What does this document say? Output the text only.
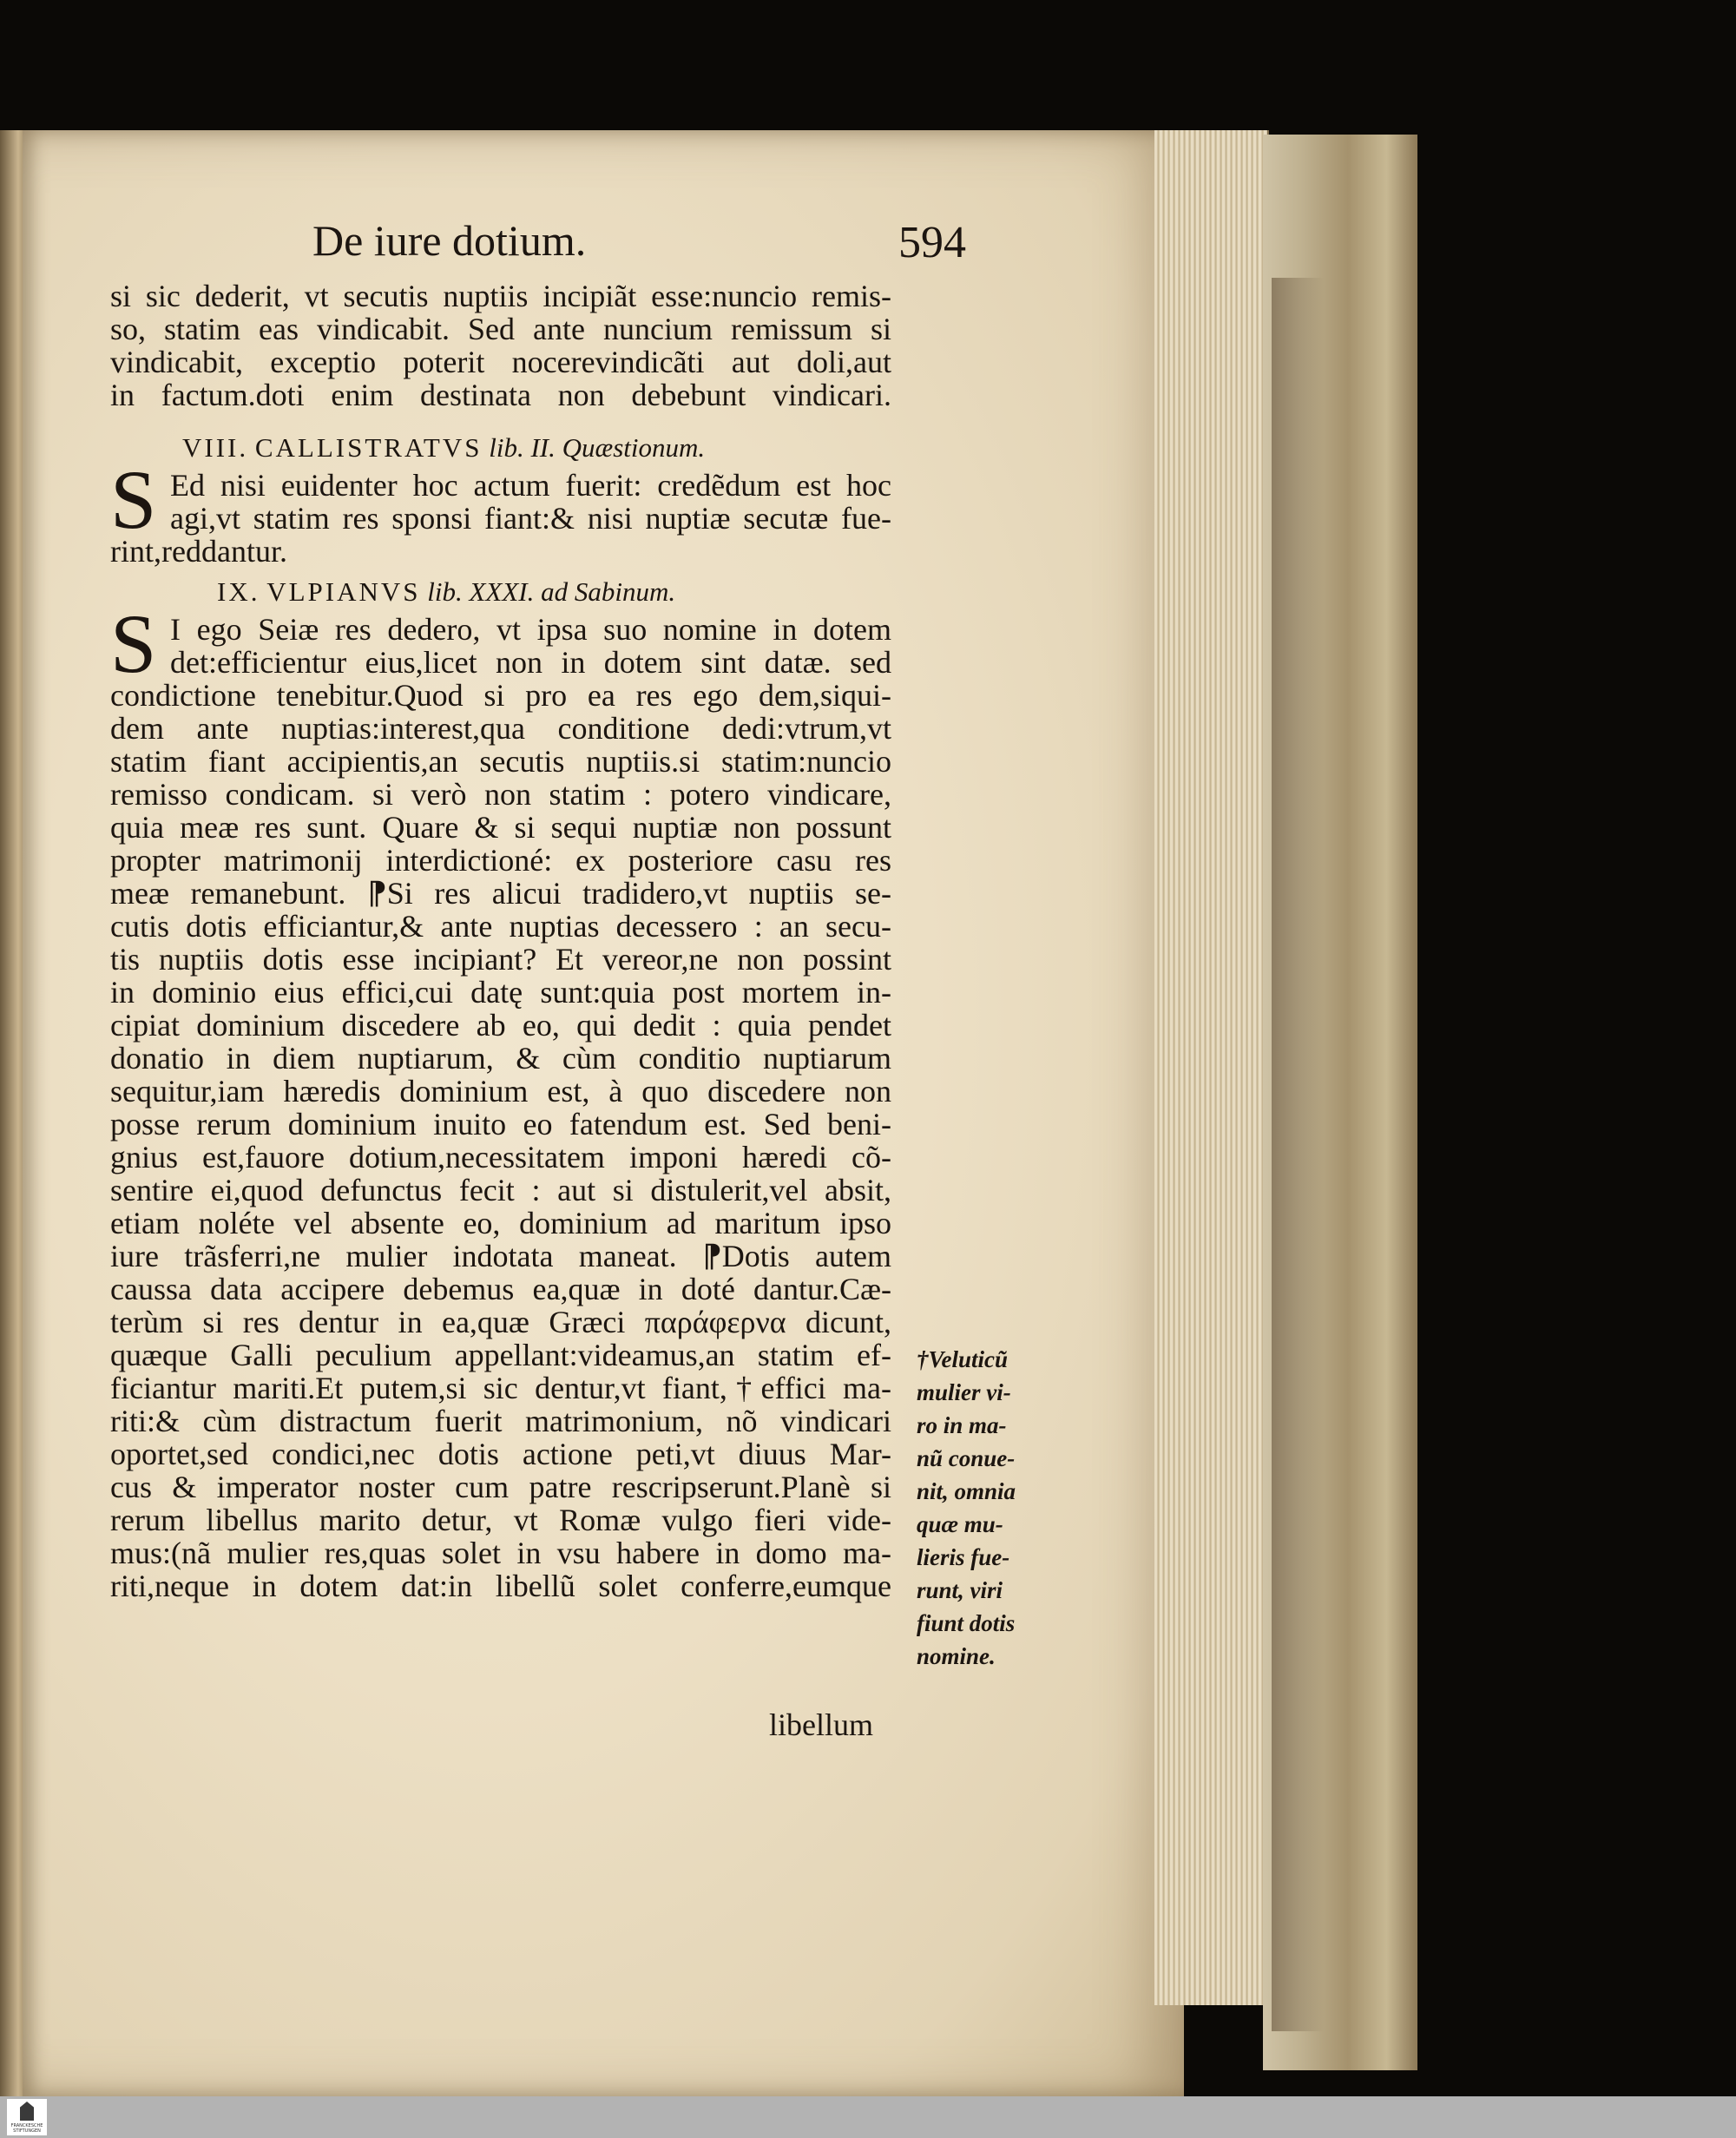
De iure dotium.	594
si sic dederit, vt secutis nuptiis incipiãt esse:nuncio remis-
so, statim eas vindicabit. Sed ante nuncium remissum si
vindicabit, exceptio poterit nocerevindicãti aut doli,aut
in factum.doti enim destinata non debebunt vindicari.
VIII. CALLISTRATVS lib. II. Quæstionum.
S Ed nisi euidenter hoc actum fuerit: credẽdum est hoc
agi,vt statim res sponsi fiant:& nisi nuptiæ secutæ fue-
rint,reddantur.
IX. VLPIANVS lib. XXXI. ad Sabinum.
S I ego Seiæ res dedero, vt ipsa suo nomine in dotem
det:efficientur eius,licet non in dotem sint datæ. sed
condictione tenebitur.Quod si pro ea res ego dem,siqui-
dem ante nuptias:interest,qua conditione dedi:vtrum,vt
statim fiant accipientis,an secutis nuptiis.si statim:nuncio
remisso condicam. si verò non statim : potero vindicare,
quia meæ res sunt. Quare & si sequi nuptiæ non possunt
propter matrimonij interdictioné: ex posteriore casu res
meæ remanebunt. ⁋Si res alicui tradidero,vt nuptiis se-
cutis dotis efficiantur,& ante nuptias decessero : an secu-
tis nuptiis dotis esse incipiant? Et vereor,ne non possint
in dominio eius effici,cui datę sunt:quia post mortem in-
cipiat dominium discedere ab eo, qui dedit : quia pendet
donatio in diem nuptiarum, & cùm conditio nuptiarum
sequitur,iam hæredis dominium est, à quo discedere non
posse rerum dominium inuito eo fatendum est. Sed beni-
gnius est,fauore dotium,necessitatem imponi hæredi cõ-
sentire ei,quod defunctus fecit : aut si distulerit,vel absit,
etiam noléte vel absente eo, dominium ad maritum ipso
iure trãsferri,ne mulier indotata maneat. ⁋Dotis autem
caussa data accipere debemus ea,quæ in doté dantur.Cæ-
terùm si res dentur in ea,quæ Græci παράφερνα dicunt,
quæque Galli peculium appellant:videamus,an statim ef-
ficiantur mariti.Et putem,si sic dentur,vt fiant,†effici ma-
riti:& cùm distractum fuerit matrimonium, nõ vindicari
oportet,sed condici,nec dotis actione peti,vt diuus Mar-
cus & imperator noster cum patre rescripserunt.Planè si
rerum libellus marito detur, vt Romæ vulgo fieri vide-
mus:(nã mulier res,quas solet in vsu habere in domo ma-
riti,neque in dotem dat:in libellũ solet conferre,eumque
†Veluticũ
mulier vi-
ro in ma-
nũ conue-
nit, omnia
quæ mu-
lieris fue-
runt, viri
fiunt dotis
nomine.
libellum
FRANCKESCHE STIFTUNGEN
